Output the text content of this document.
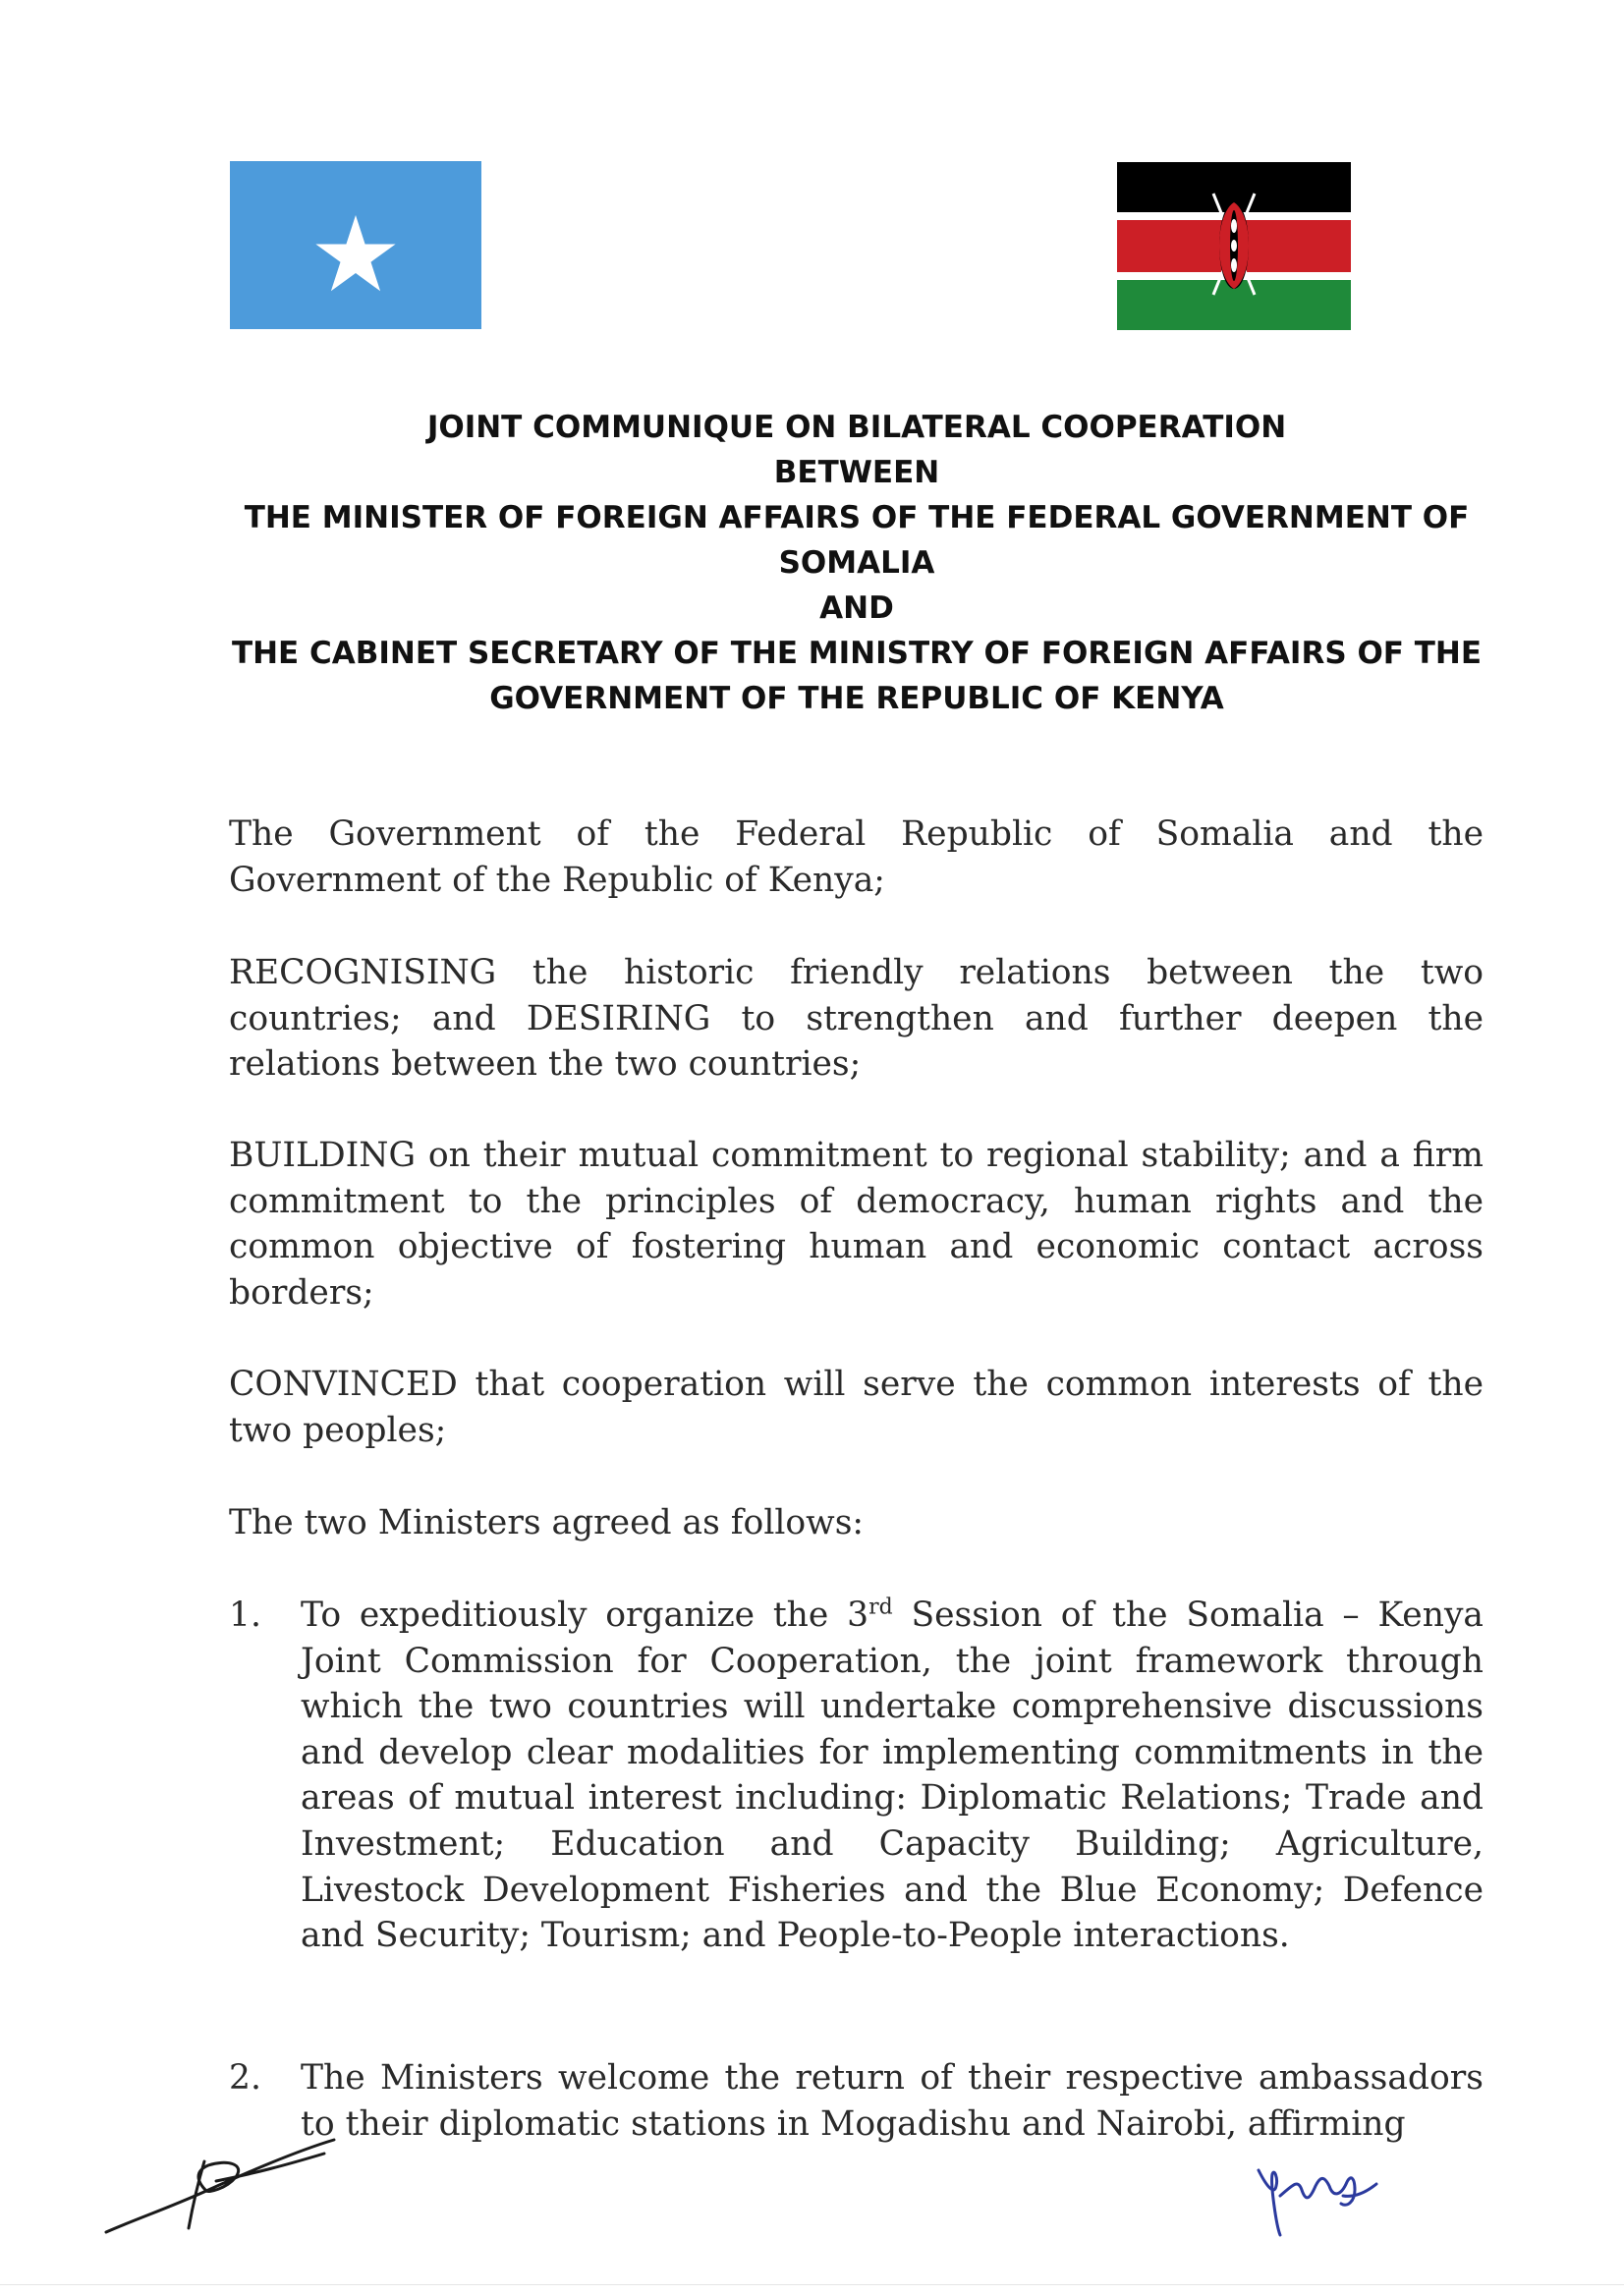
JOINT COMMUNIQUE ON BILATERAL COOPERATION
BETWEEN
THE MINISTER OF FOREIGN AFFAIRS OF THE FEDERAL GOVERNMENT OF
SOMALIA
AND
THE CABINET SECRETARY OF THE MINISTRY OF FOREIGN AFFAIRS OF THE
GOVERNMENT OF THE REPUBLIC OF KENYA

The Government of the Federal Republic of Somalia and the Government of the Republic of Kenya;

RECOGNISING the historic friendly relations between the two countries; and DESIRING to strengthen and further deepen the relations between the two countries;

BUILDING on their mutual commitment to regional stability; and a firm commitment to the principles of democracy, human rights and the common objective of fostering human and economic contact across borders;

CONVINCED that cooperation will serve the common interests of the two peoples;

The two Ministers agreed as follows:

1.	To expeditiously organize the 3rd Session of the Somalia – Kenya Joint Commission for Cooperation, the joint framework through which the two countries will undertake comprehensive discussions and develop clear modalities for implementing commitments in the areas of mutual interest including: Diplomatic Relations; Trade and Investment; Education and Capacity Building; Agriculture, Livestock Development Fisheries and the Blue Economy; Defence and Security; Tourism; and People-to-People interactions.
2.	The Ministers welcome the return of their respective ambassadors to their diplomatic stations in Mogadishu and Nairobi, affirming
